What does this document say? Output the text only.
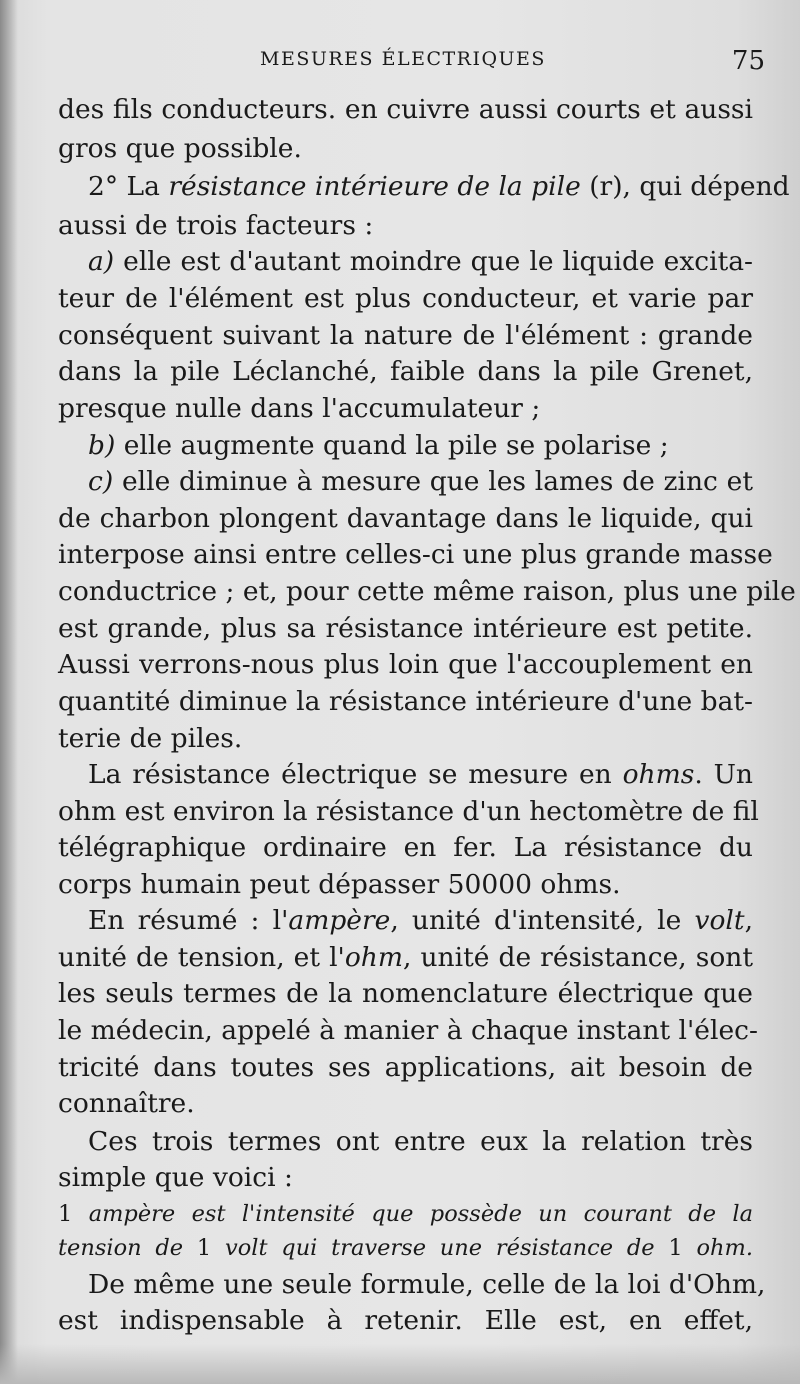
MESURES ÉLECTRIQUES	75
des fils conducteurs. en cuivre aussi courts et aussi
gros que possible.
2° La résistance intérieure de la pile (r), qui dépend
aussi de trois facteurs :
a) elle est d'autant moindre que le liquide excita-
teur de l'élément est plus conducteur, et varie par
conséquent suivant la nature de l'élément : grande
dans la pile Léclanché, faible dans la pile Grenet,
presque nulle dans l'accumulateur ;
b) elle augmente quand la pile se polarise ;
c) elle diminue à mesure que les lames de zinc et
de charbon plongent davantage dans le liquide, qui
interpose ainsi entre celles-ci une plus grande masse
conductrice ; et, pour cette même raison, plus une pile
est grande, plus sa résistance intérieure est petite.
Aussi verrons-nous plus loin que l'accouplement en
quantité diminue la résistance intérieure d'une bat-
terie de piles.
La résistance électrique se mesure en ohms. Un
ohm est environ la résistance d'un hectomètre de fil
télégraphique ordinaire en fer. La résistance du
corps humain peut dépasser 50000 ohms.
En résumé : l'ampère, unité d'intensité, le volt,
unité de tension, et l'ohm, unité de résistance, sont
les seuls termes de la nomenclature électrique que
le médecin, appelé à manier à chaque instant l'élec-
tricité dans toutes ses applications, ait besoin de
connaître.
Ces trois termes ont entre eux la relation très
simple que voici :
1 ampère est l'intensité que possède un courant de la
tension de 1 volt qui traverse une résistance de 1 ohm.
De même une seule formule, celle de la loi d'Ohm,
est indispensable à retenir. Elle est, en effet,
